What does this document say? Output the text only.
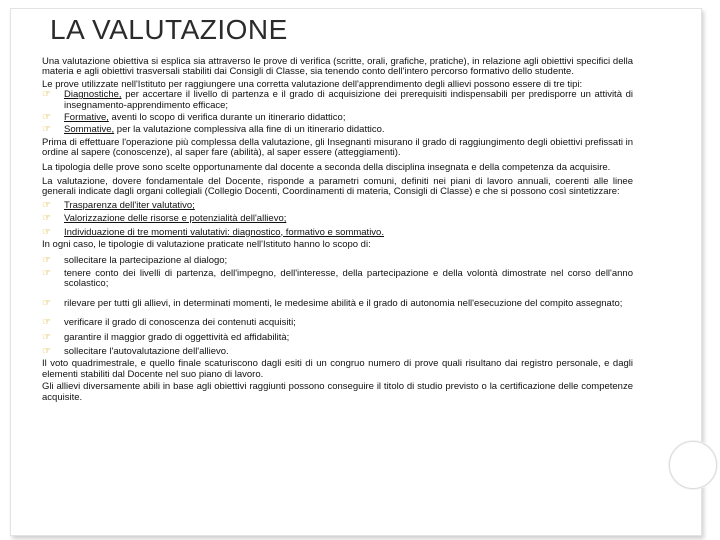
LA VALUTAZIONE

Una valutazione obiettiva si esplica sia attraverso le prove di verifica (scritte, orali, grafiche, pratiche), in relazione agli obiettivi specifici della materia e agli obiettivi trasversali stabiliti dai Consigli di Classe, sia tenendo conto dell'intero percorso formativo dello studente.

Le prove utilizzate nell'Istituto per raggiungere una corretta valutazione dell'apprendimento degli allievi possono essere di tre tipi:

☞	Diagnostiche, per accertare il livello di partenza e il grado di acquisizione dei prerequisiti indispensabili per predisporre un attività di insegnamento-apprendimento efficace;
☞	Formative, aventi lo scopo di verifica durante un itinerario didattico;
☞	Sommative, per la valutazione complessiva alla fine di un itinerario didattico.

Prima di effettuare l'operazione più complessa della valutazione, gli Insegnanti misurano il grado di raggiungimento degli obiettivi prefissati in ordine al sapere (conoscenze), al saper fare (abilità), al saper essere (atteggiamenti).

La tipologia delle prove sono scelte opportunamente dal docente a seconda della disciplina insegnata e della competenza da acquisire.

La valutazione, dovere fondamentale del Docente, risponde a parametri comuni, definiti nei piani di lavoro annuali, coerenti alle linee generali indicate dagli organi collegiali (Collegio Docenti, Coordinamenti di materia, Consigli di Classe) e che si possono così sintetizzare:

☞	Trasparenza dell'iter valutativo;
☞	Valorizzazione delle risorse e potenzialità dell'allievo;
☞	Individuazione di tre momenti valutativi: diagnostico, formativo e sommativo.

In ogni caso, le tipologie di valutazione praticate nell'Istituto hanno lo scopo di:

☞	sollecitare la partecipazione al dialogo;
☞	tenere conto dei livelli di partenza, dell'impegno, dell'interesse, della partecipazione e della volontà dimostrate nel corso dell'anno scolastico;
☞	rilevare per tutti gli allievi, in determinati momenti, le medesime abilità e il grado di autonomia nell'esecuzione del compito assegnato;
☞	verificare il grado di conoscenza dei contenuti acquisiti;
☞	garantire il maggior grado di oggettività ed affidabilità;
☞	sollecitare l'autovalutazione dell'allievo.

Il voto quadrimestrale, e quello finale scaturiscono dagli esiti di un congruo numero di prove quali risultano dai registro personale, e dagli elementi stabiliti dal Docente nel suo piano di lavoro.

Gli allievi diversamente abili in base agli obiettivi raggiunti possono conseguire il titolo di studio previsto o la certificazione delle competenze acquisite.
